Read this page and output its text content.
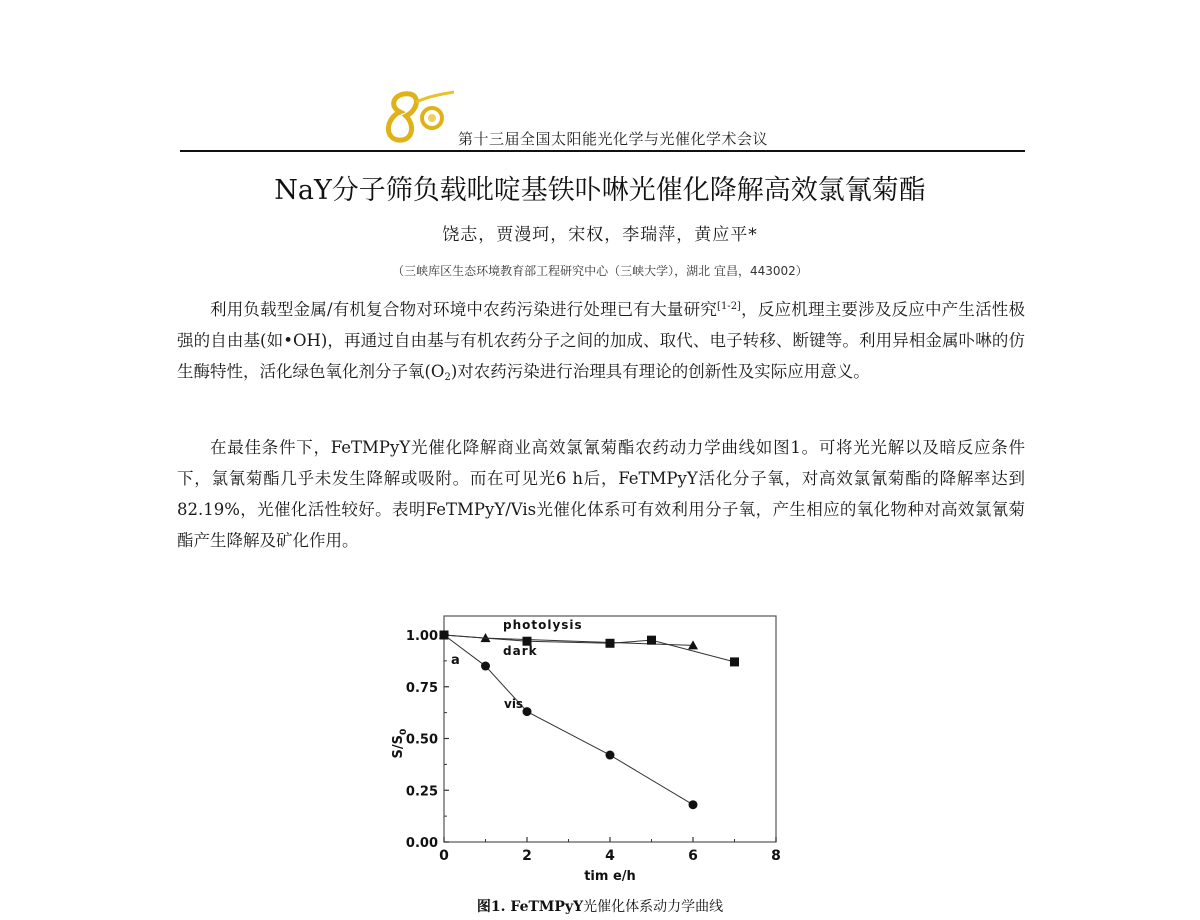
第十三届全国太阳能光化学与光催化学术会议
NaY分子筛负载吡啶基铁卟啉光催化降解高效氯氰菊酯
饶志，贾漫珂，宋权，李瑞萍，黄应平*
（三峡库区生态环境教育部工程研究中心（三峡大学），湖北 宜昌，443002）

利用负载型金属/有机复合物对环境中农药污染进行处理已有大量研究[1-2]，反应机理主要涉及反应中产生活性极强的自由基(如•OH)，再通过自由基与有机农药分子之间的加成、取代、电子转移、断键等。利用异相金属卟啉的仿生酶特性，活化绿色氧化剂分子氧$(O_2)$对农药污染进行治理具有理论的创新性及实际应用意义。

在最佳条件下，FeTMPyY光催化降解商业高效氯氰菊酯农药动力学曲线如图1。可将光光解以及暗反应条件下，氯氰菊酯几乎未发生降解或吸附。而在可见光6 h后，FeTMPyY活化分子氧，对高效氯氰菊酯的降解率达到82.19%，光催化活性较好。表明FeTMPyY/Vis光催化体系可有效利用分子氧，产生相应的氧化物种对高效氯氰菊酯产生降解及矿化作用。

0.00
0.25
0.50
0.75
1.00
0	2	4	6	8
tim e/h
$S/S_0$
photolysis
dark
vis
a
图1. FeTMPyY光催化体系动力学曲线
